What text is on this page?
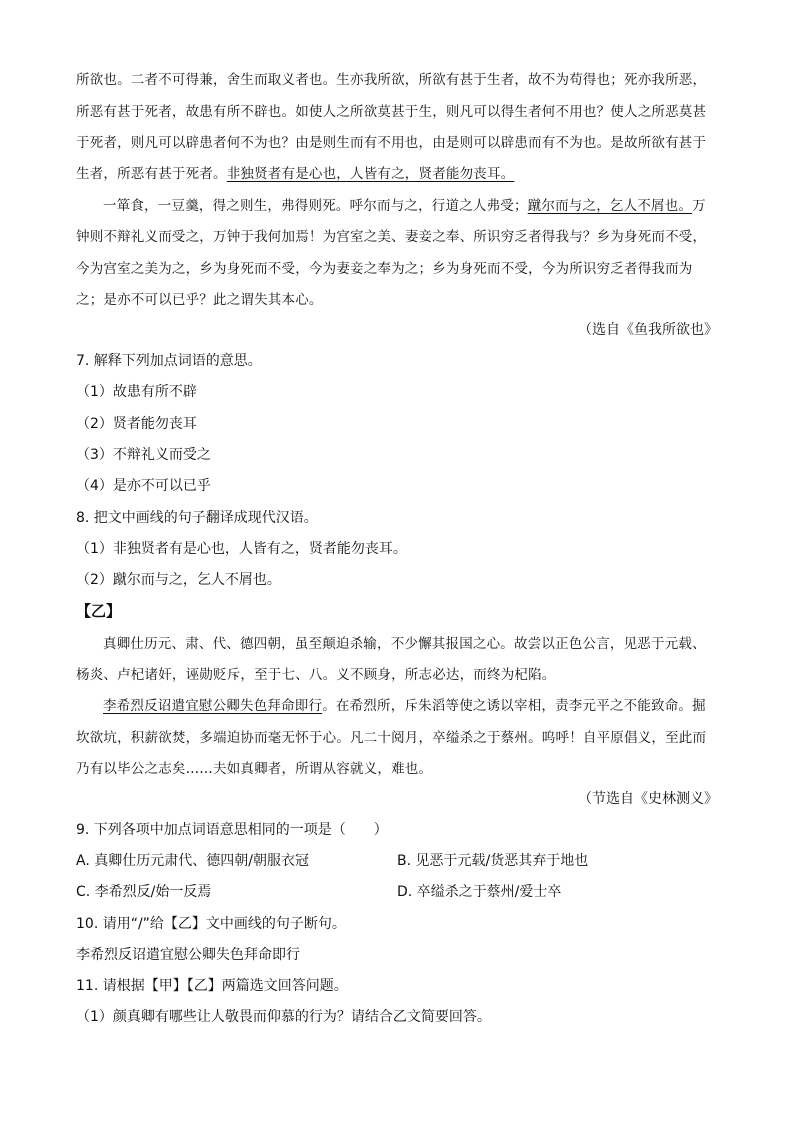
所欲也。二者不可得兼，舍生而取义者也。生亦我所欲，所欲有甚于生者，故不为苟得也；死亦我所恶，
所恶有甚于死者，故患有所不辟也。如使人之所欲莫甚于生，则凡可以得生者何不用也？使人之所恶莫甚
于死者，则凡可以辟患者何不为也？由是则生而有不用也，由是则可以辟患而有不为也。是故所欲有甚于
生者，所恶有甚于死者。非独贤者有是心也，人皆有之，贤者能勿丧耳。
一箪食，一豆羹，得之则生，弗得则死。呼尔而与之，行道之人弗受；蹴尔而与之，乞人不屑也。万
钟则不辩礼义而受之，万钟于我何加焉！为宫室之美、妻妾之奉、所识穷乏者得我与？乡为身死而不受，
今为宫室之美为之，乡为身死而不受，今为妻妾之奉为之；乡为身死而不受，今为所识穷乏者得我而为
之；是亦不可以已乎？此之谓失其本心。
（选自《鱼我所欲也》
7. 解释下列加点词语的意思。
（1）故患有所不辟
（2）贤者能勿丧耳
（3）不辩礼义而受之
（4）是亦不可以已乎
8. 把文中画线的句子翻译成现代汉语。
（1）非独贤者有是心也，人皆有之，贤者能勿丧耳。
（2）蹴尔而与之，乞人不屑也。
【乙】
真卿仕历元、肃、代、德四朝，虽至颠迫杀输，不少懈其报国之心。故尝以正色公言，见恶于元载、
杨炎、卢杞诸奸，诬勋贬斥，至于七、八。义不顾身，所志必达，而终为杞陷。
李希烈反诏遣宜慰公卿失色拜命即行。在希烈所，斥朱滔等使之诱以宰相，责李元平之不能致命。掘
坎欲坑，积薪欲焚，多端迫协而毫无怀于心。凡二十阅月，卒缢杀之于蔡州。呜呼！自平原倡义，至此而
乃有以毕公之志矣……夫如真卿者，所谓从容就义，难也。
（节选自《史林测义》
9. 下列各项中加点词语意思相同的一项是（　　）
A. 真卿仕历元肃代、德四朝/朝服衣冠	B. 见恶于元载/货恶其弃于地也
C. 李希烈反/始一反焉	D. 卒缢杀之于蔡州/爱士卒
10. 请用“/”给【乙】文中画线的句子断句。
李希烈反诏遣宜慰公卿失色拜命即行
11. 请根据【甲】【乙】两篇选文回答问题。
（1）颜真卿有哪些让人敬畏而仰慕的行为？请结合乙文简要回答。
